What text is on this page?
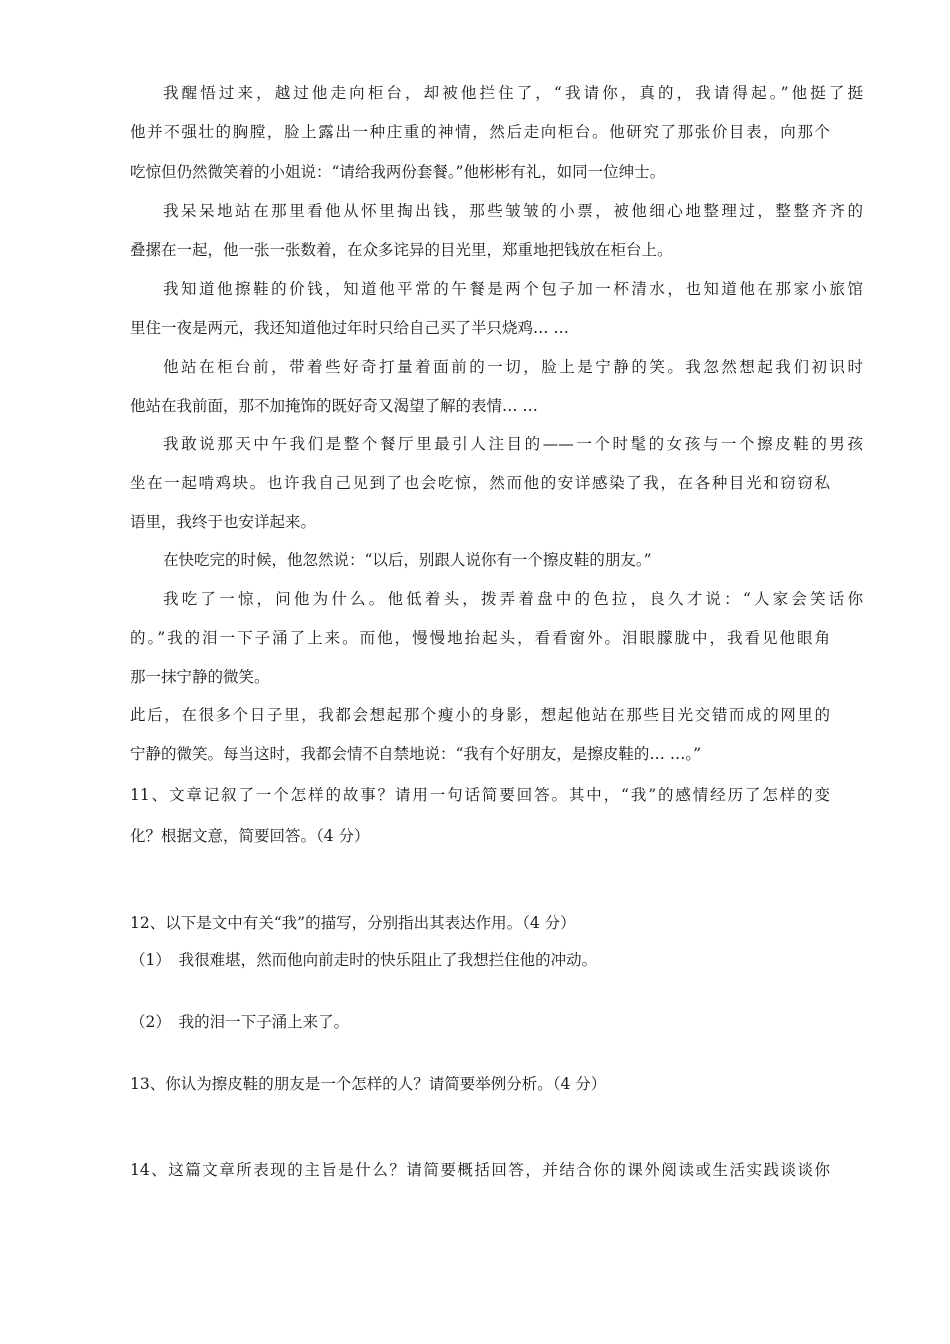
我醒悟过来，越过他走向柜台，却被他拦住了，“我请你，真的，我请得起。”他挺了挺
他并不强壮的胸膛，脸上露出一种庄重的神情，然后走向柜台。他研究了那张价目表，向那个
吃惊但仍然微笑着的小姐说：“请给我两份套餐。”他彬彬有礼，如同一位绅士。
我呆呆地站在那里看他从怀里掏出钱，那些皱皱的小票，被他细心地整理过，整整齐齐的
叠摞在一起，他一张一张数着，在众多诧异的目光里，郑重地把钱放在柜台上。
我知道他擦鞋的价钱，知道他平常的午餐是两个包子加一杯清水，也知道他在那家小旅馆
里住一夜是两元，我还知道他过年时只给自己买了半只烧鸡… …
他站在柜台前，带着些好奇打量着面前的一切，脸上是宁静的笑。我忽然想起我们初识时
他站在我前面，那不加掩饰的既好奇又渴望了解的表情… …
我敢说那天中午我们是整个餐厅里最引人注目的——一个时髦的女孩与一个擦皮鞋的男孩
坐在一起啃鸡块。也许我自己见到了也会吃惊，然而他的安详感染了我，在各种目光和窃窃私
语里，我终于也安详起来。
在快吃完的时候，他忽然说：“以后，别跟人说你有一个擦皮鞋的朋友。”
我吃了一惊，问他为什么。他低着头，拨弄着盘中的色拉，良久才说：“人家会笑话你
的。”我的泪一下子涌了上来。而他，慢慢地抬起头，看看窗外。泪眼朦胧中，我看见他眼角
那一抹宁静的微笑。
此后，在很多个日子里，我都会想起那个瘦小的身影，想起他站在那些目光交错而成的网里的
宁静的微笑。每当这时，我都会情不自禁地说：“我有个好朋友，是擦皮鞋的… …。”
11、文章记叙了一个怎样的故事？请用一句话简要回答。其中，“我”的感情经历了怎样的变
化？根据文意，简要回答。（4 分）
12、以下是文中有关“我”的描写，分别指出其表达作用。（4 分）
（1）　我很难堪，然而他向前走时的快乐阻止了我想拦住他的冲动。
（2）　我的泪一下子涌上来了。
13、你认为擦皮鞋的朋友是一个怎样的人？请简要举例分析。（4 分）
14、这篇文章所表现的主旨是什么？请简要概括回答，并结合你的课外阅读或生活实践谈谈你
